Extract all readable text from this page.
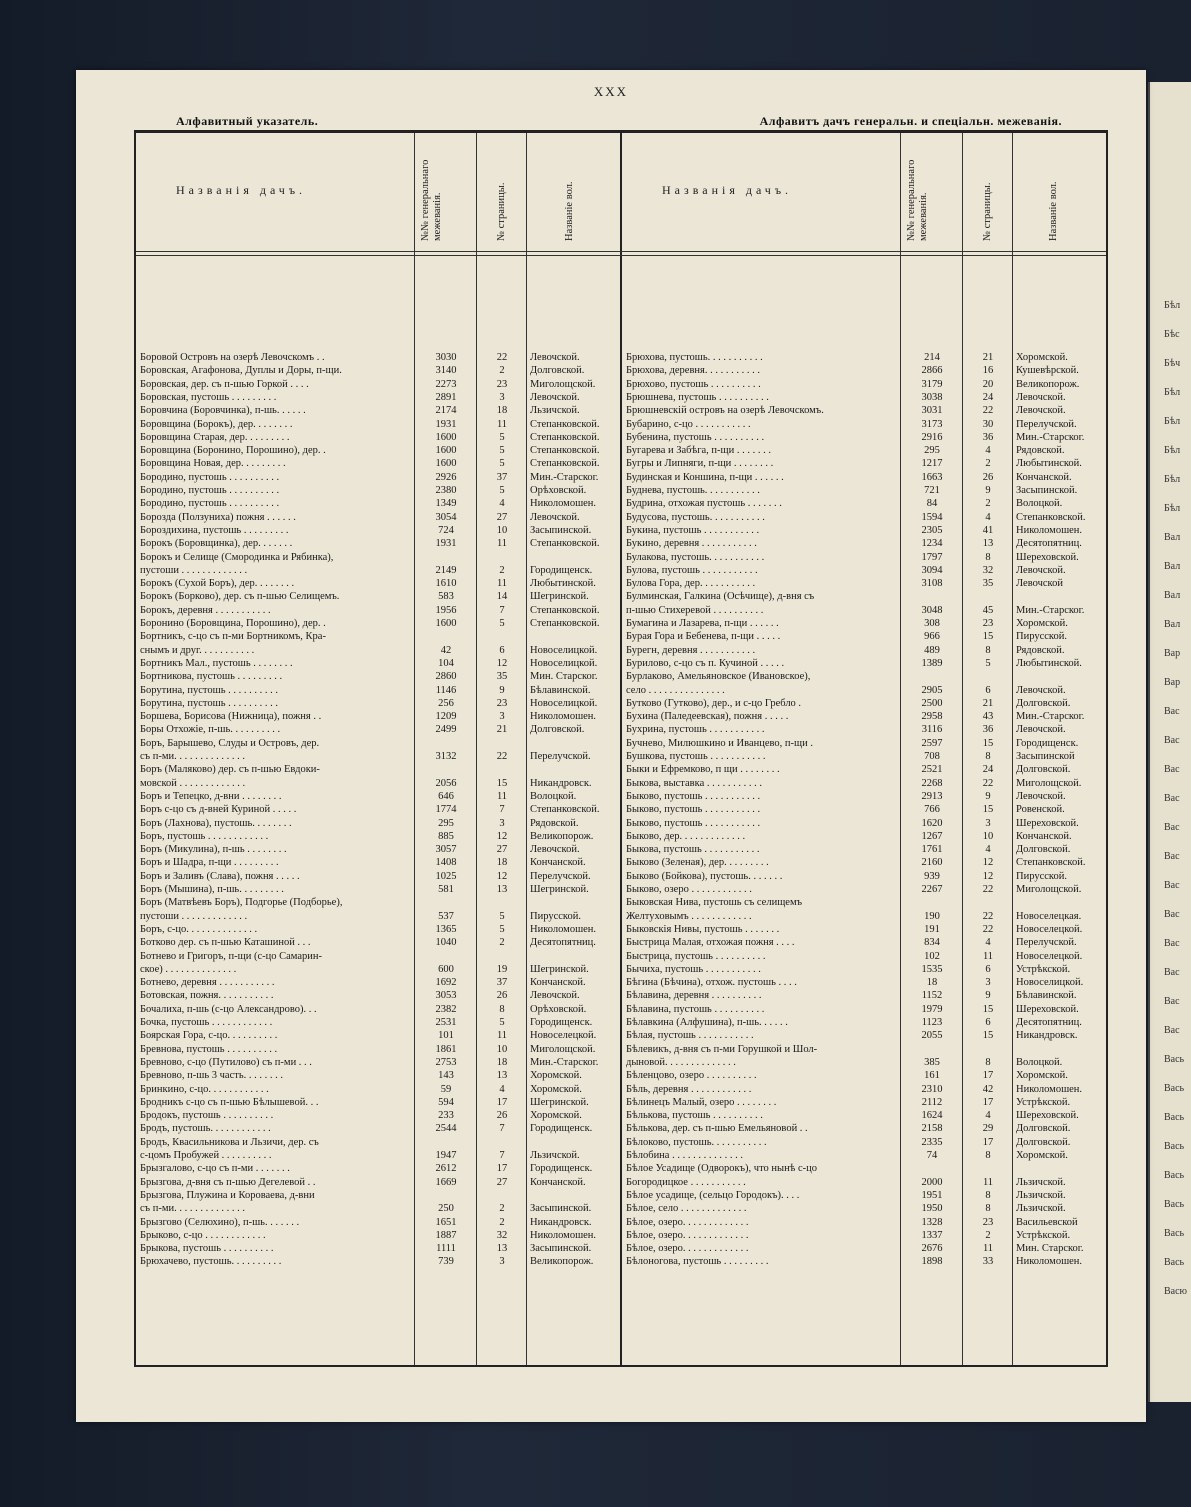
Бѣл
Бѣс
Бѣч
Бѣл
Бѣл
Бѣл
Бѣл
Бѣл
Вал
Вал
Вал
Вал
Вар
Вар
Вас
Вас
Вас
Вас
Вас
Вас
Вас
Вас
Вас
Вас
Вас
Вас
Вась
Вась
Вась
Вась
Вась
Вась
Вась
Вась
Васю
XXX
Алфавитный указатель.	Алфавитъ дачъ генеральн. и спеціальн. межеванія.
Названія дачъ.	№№ генеральнаго межеванія.	№ страницы.	Названіе вол.	Названія дачъ.	№№ генеральнаго межеванія.	№ страницы.	Названіе вол.
Боровой Островъ на озерѣ Левочскомъ . .	3030	22	Левочской.
Боровская, Агафонова, Дуплы и Доры, п-щи.	3140	2	Долговской.
Боровская, дер. съ п-шью Горкой . . . .	2273	23	Миголощской.
Боровская, пустошь . . . . . . . . .	2891	3	Левочской.
Боровчина (Боровчинка), п-шь. . . . . .	2174	18	Льзичской.
Боровщина (Борокъ), дер. . . . . . . .	1931	11	Степанковской.
Боровщина Старая, дер. . . . . . . . .	1600	5	Степанковской.
Боровщина (Боронино, Порошино), дер. .	1600	5	Степанковской.
Боровщина Новая, дер. . . . . . . . .	1600	5	Степанковской.
Бородино, пустошь . . . . . . . . . .	2926	37	Мин.-Старског.
Бородино, пустошь . . . . . . . . . .	2380	5	Орѣховской.
Бородино, пустошь . . . . . . . . . .	1349	4	Николомошен.
Борозда (Ползуниха) пожня . . . . . .	3054	27	Левочской.
Бороздихина, пустошь . . . . . . . . .	724	10	Засыпинской.
Борокъ (Боровщинка), дер. . . . . . .	1931	11	Степанковской.
Борокъ и Селище (Смородинка и Рябинка),
пустоши . . . . . . . . . . . . .	2149	2	Городищенск.
Борокъ (Сухой Боръ), дер. . . . . . . .	1610	11	Любытинской.
Борокъ (Борково), дер. съ п-шью Селищемъ.	583	14	Шегринской.
Борокъ, деревня . . . . . . . . . . .	1956	7	Степанковской.
Боронино (Боровщина, Порошино), дер. .	1600	5	Степанковской.
Бортникъ, с-цо съ п-ми Бортникомъ, Кра-
снымъ и друг. . . . . . . . . . .	42	6	Новоселицкой.
Бортникъ Мал., пустошь . . . . . . . .	104	12	Новоселицкой.
Бортникова, пустошь . . . . . . . . .	2860	35	Мин. Старског.
Борутина, пустошь . . . . . . . . . .	1146	9	Бѣлавинской.
Борутина, пустошь . . . . . . . . . .	256	23	Новоселицкой.
Боршева, Борисова (Нижница), пожня . .	1209	3	Николомошен.
Боры Отхожіе, п-шь. . . . . . . . . .	2499	21	Долговской.
Боръ, Барышево, Слуды и Островъ, дер.
съ п-ми. . . . . . . . . . . . . .	3132	22	Перелучской.
Боръ (Маляково) дер. съ п-шью Евдоки-
мовской . . . . . . . . . . . . .	2056	15	Никандровск.
Боръ и Тепецко, д-вни . . . . . . . .	646	11	Волоцкой.
Боръ с-цо съ д-вней Куриной . . . . .	1774	7	Степанковской.
Боръ (Лахнова), пустошь. . . . . . . .	295	3	Рядовской.
Боръ, пустошь . . . . . . . . . . . .	885	12	Великопорож.
Боръ (Микулина), п-шь . . . . . . . .	3057	27	Левочской.
Боръ и Шадра, п-щи . . . . . . . . .	1408	18	Кончанской.
Боръ и Заливъ (Слава), пожня . . . . .	1025	12	Перелучской.
Боръ (Мышина), п-шь. . . . . . . . .	581	13	Шегринской.
Боръ (Матвѣевъ Боръ), Подгорье (Подборье),
пустоши . . . . . . . . . . . . .	537	5	Пирусской.
Боръ, с-цо. . . . . . . . . . . . . .	1365	5	Николомошен.
Ботково дер. съ п-шью Каташиной . . .	1040	2	Десятопятниц.
Ботнево и Григоръ, п-щи (с-цо Самарин-
ское) . . . . . . . . . . . . . .	600	19	Шегринской.
Ботнево, деревня . . . . . . . . . . .	1692	37	Кончанской.
Ботовская, пожня. . . . . . . . . . .	3053	26	Левочской.
Бочалиха, п-шь (с-цо Александрово). . .	2382	8	Орѣховской.
Бочка, пустошь . . . . . . . . . . . .	2531	5	Городищенск.
Боярская Гора, с-цо. . . . . . . . . .	101	11	Новоселецкой.
Бревнова, пустошь . . . . . . . . . .	1861	10	Миголощской.
Бревново, с-цо (Путилово) съ п-ми . . .	2753	18	Мин.-Старског.
Бревново, п-шь 3 часть. . . . . . . .	143	13	Хоромской.
Бринкино, с-цо. . . . . . . . . . . .	59	4	Хоромской.
Бродникъ с-цо съ п-шью Бѣлышевой. . .	594	17	Шегринской.
Бродокъ, пустошь . . . . . . . . . .	233	26	Хоромской.
Бродъ, пустошь. . . . . . . . . . . .	2544	7	Городищенск.
Бродъ, Квасильникова и Льзичи, дер. съ
с-цомъ Пробужей . . . . . . . . . .	1947	7	Льзичской.
Брызгалово, с-цо съ п-ми . . . . . . .	2612	17	Городищенск.
Брызгова, д-вня съ п-шью Дегелевой . .	1669	27	Кончанской.
Брызгова, Плужина и Короваева, д-вни
съ п-ми. . . . . . . . . . . . . .	250	2	Засыпинской.
Брызгово (Селюхино), п-шь. . . . . . .	1651	2	Никандровск.
Брыково, с-цо . . . . . . . . . . . .	1887	32	Николомошен.
Брыкова, пустошь . . . . . . . . . .	1111	13	Засыпинской.
Брюхачево, пустошь. . . . . . . . . .	739	3	Великопорож.
Брюхова, пустошь. . . . . . . . . . .	214	21	Хоромской.
Брюхова, деревня. . . . . . . . . . .	2866	16	Кушевѣрской.
Брюхово, пустошь . . . . . . . . . .	3179	20	Великопорож.
Брюшнева, пустошь . . . . . . . . . .	3038	24	Левочской.
Брюшневскій островъ на озерѣ Левочскомъ.	3031	22	Левочской.
Бубарино, с-цо . . . . . . . . . . .	3173	30	Перелучской.
Бубенина, пустошь . . . . . . . . . .	2916	36	Мин.-Старског.
Бугарева и Забѣга, п-щи . . . . . . .	295	4	Рядовской.
Бугры и Липняги, п-щи . . . . . . . .	1217	2	Любытинской.
Будинская и Коншина, п-щи . . . . . .	1663	26	Кончанской.
Буднева, пустошь. . . . . . . . . . .	721	9	Засыпинской.
Будрина, отхожая пустошь . . . . . . .	84	2	Волоцкой.
Будусова, пустошь. . . . . . . . . . .	1594	4	Степанковской.
Букина, пустошь . . . . . . . . . . .	2305	41	Николомошен.
Букино, деревня . . . . . . . . . . .	1234	13	Десятопятниц.
Булакова, пустошь. . . . . . . . . . .	1797	8	Шереховской.
Булова, пустошь . . . . . . . . . . .	3094	32	Левочской.
Булова Гора, дер. . . . . . . . . . .	3108	35	Левочской
Булминская, Галкина (Осѣчище), д-вня съ
п-шью Стихеревой . . . . . . . . . .	3048	45	Мин.-Старског.
Бумагина и Лазарева, п-щи . . . . . .	308	23	Хоромской.
Бурая Гора и Бебенева, п-щи . . . . .	966	15	Пирусской.
Бурегн, деревня . . . . . . . . . . .	489	8	Рядовской.
Бурилово, с-цо съ п. Кучиной . . . . .	1389	5	Любытинской.
Бурлаково, Амельяновское (Ивановское),
село . . . . . . . . . . . . . . .	2905	6	Левочской.
Бутково (Гутково), дер., и с-цо Гребло .	2500	21	Долговской.
Бухина (Паледеевская), пожня . . . . .	2958	43	Мин.-Старског.
Бухрина, пустошь . . . . . . . . . . .	3116	36	Левочской.
Бучнево, Милюшкино и Иванцево, п-щи .	2597	15	Городищенск.
Бушкова, пустошь . . . . . . . . . . .	708	8	Засыпинской
Быки и Ефремково, п щи . . . . . . . .	2521	24	Долговской.
Быкова, выставка . . . . . . . . . . .	2268	22	Миголощской.
Быково, пустошь . . . . . . . . . . .	2913	9	Левочской.
Быково, пустошь . . . . . . . . . . .	766	15	Ровенской.
Быково, пустошь . . . . . . . . . . .	1620	3	Шереховской.
Быково, дер. . . . . . . . . . . . .	1267	10	Кончанской.
Быкова, пустошь . . . . . . . . . . .	1761	4	Долговской.
Быково (Зеленая), дер. . . . . . . . .	2160	12	Степанковской.
Быково (Бойкова), пустошь. . . . . . .	939	12	Пирусской.
Быково, озеро . . . . . . . . . . . .	2267	22	Миголощской.
Быковская Нива, пустошь съ селищемъ
Желтуховымъ . . . . . . . . . . . .	190	22	Новоселецкая.
Быковскія Нивы, пустошь . . . . . . .	191	22	Новоселецкой.
Быстрица Малая, отхожая пожня . . . .	834	4	Перелучской.
Быстрица, пустошь . . . . . . . . . .	102	11	Новоселецкой.
Бычиха, пустошь . . . . . . . . . . .	1535	6	Устрѣкской.
Бѣгина (Бѣчина), отхож. пустошь . . . .	18	3	Новоселицкой.
Бѣлавина, деревня . . . . . . . . . .	1152	9	Бѣлавинской.
Бѣлавина, пустошь . . . . . . . . . .	1979	15	Шереховской.
Бѣлавкина (Алфушина), п-шь. . . . . .	1123	6	Десятопятниц.
Бѣлая, пустошь . . . . . . . . . . .	2055	15	Никандровск.
Бѣлевикъ, д-вня съ п-ми Горушкой и Шол-
дыновой. . . . . . . . . . . . . .	385	8	Волоцкой.
Бѣленцово, озеро . . . . . . . . . .	161	17	Хоромской.
Бѣль, деревня . . . . . . . . . . . .	2310	42	Николомошен.
Бѣлинецъ Малый, озеро . . . . . . . .	2112	17	Устрѣкской.
Бѣлькова, пустошь . . . . . . . . . .	1624	4	Шереховской.
Бѣлькова, дер. съ п-шью Емельяновой . .	2158	29	Долговской.
Бѣлоково, пустошь. . . . . . . . . . .	2335	17	Долговской.
Бѣлобина . . . . . . . . . . . . . .	74	8	Хоромской.
Бѣлое Усадище (Одворокъ), что нынѣ с-цо
Богородицкое . . . . . . . . . . .	2000	11	Льзичской.
Бѣлое усадище, (сельцо Городокъ). . . .	1951	8	Льзичской.
Бѣлое, село . . . . . . . . . . . . .	1950	8	Льзичской.
Бѣлое, озеро. . . . . . . . . . . . .	1328	23	Васильевской
Бѣлое, озеро. . . . . . . . . . . . .	1337	2	Устрѣкской.
Бѣлое, озеро. . . . . . . . . . . . .	2676	11	Мин. Старског.
Бѣлоногова, пустошь . . . . . . . . .	1898	33	Николомошен.
